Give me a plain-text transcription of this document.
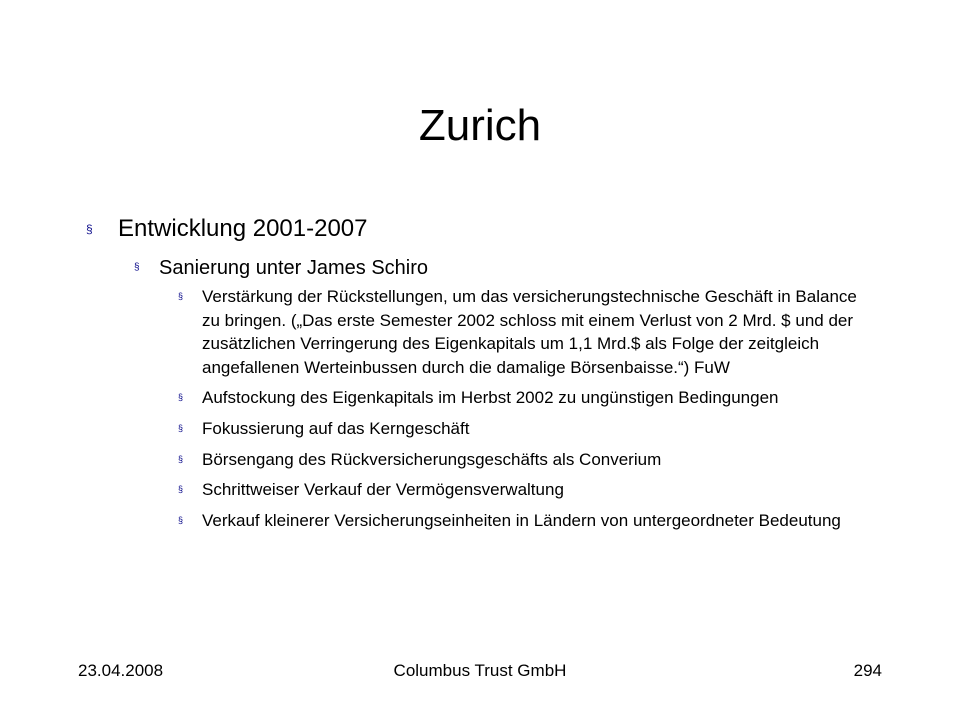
Zurich
§	Entwicklung 2001-2007
§ Sanierung unter James Schiro
§	Verstärkung der Rückstellungen, um das versicherungstechnische Geschäft in Balance zu bringen. („Das erste Semester 2002 schloss mit einem Verlust von 2 Mrd. $ und der zusätzlichen Verringerung des Eigenkapitals um 1,1 Mrd.$ als Folge der zeitgleich angefallenen Werteinbussen durch die damalige Börsenbaisse.“) FuW
§	Aufstockung des Eigenkapitals im Herbst 2002 zu ungünstigen Bedingungen
§	Fokussierung auf das Kerngeschäft
§	Börsengang des Rückversicherungsgeschäfts als Converium
§	Schrittweiser Verkauf der Vermögensverwaltung
§	Verkauf kleinerer Versicherungseinheiten in Ländern von untergeordneter Bedeutung
23.04.2008	Columbus Trust GmbH	294
